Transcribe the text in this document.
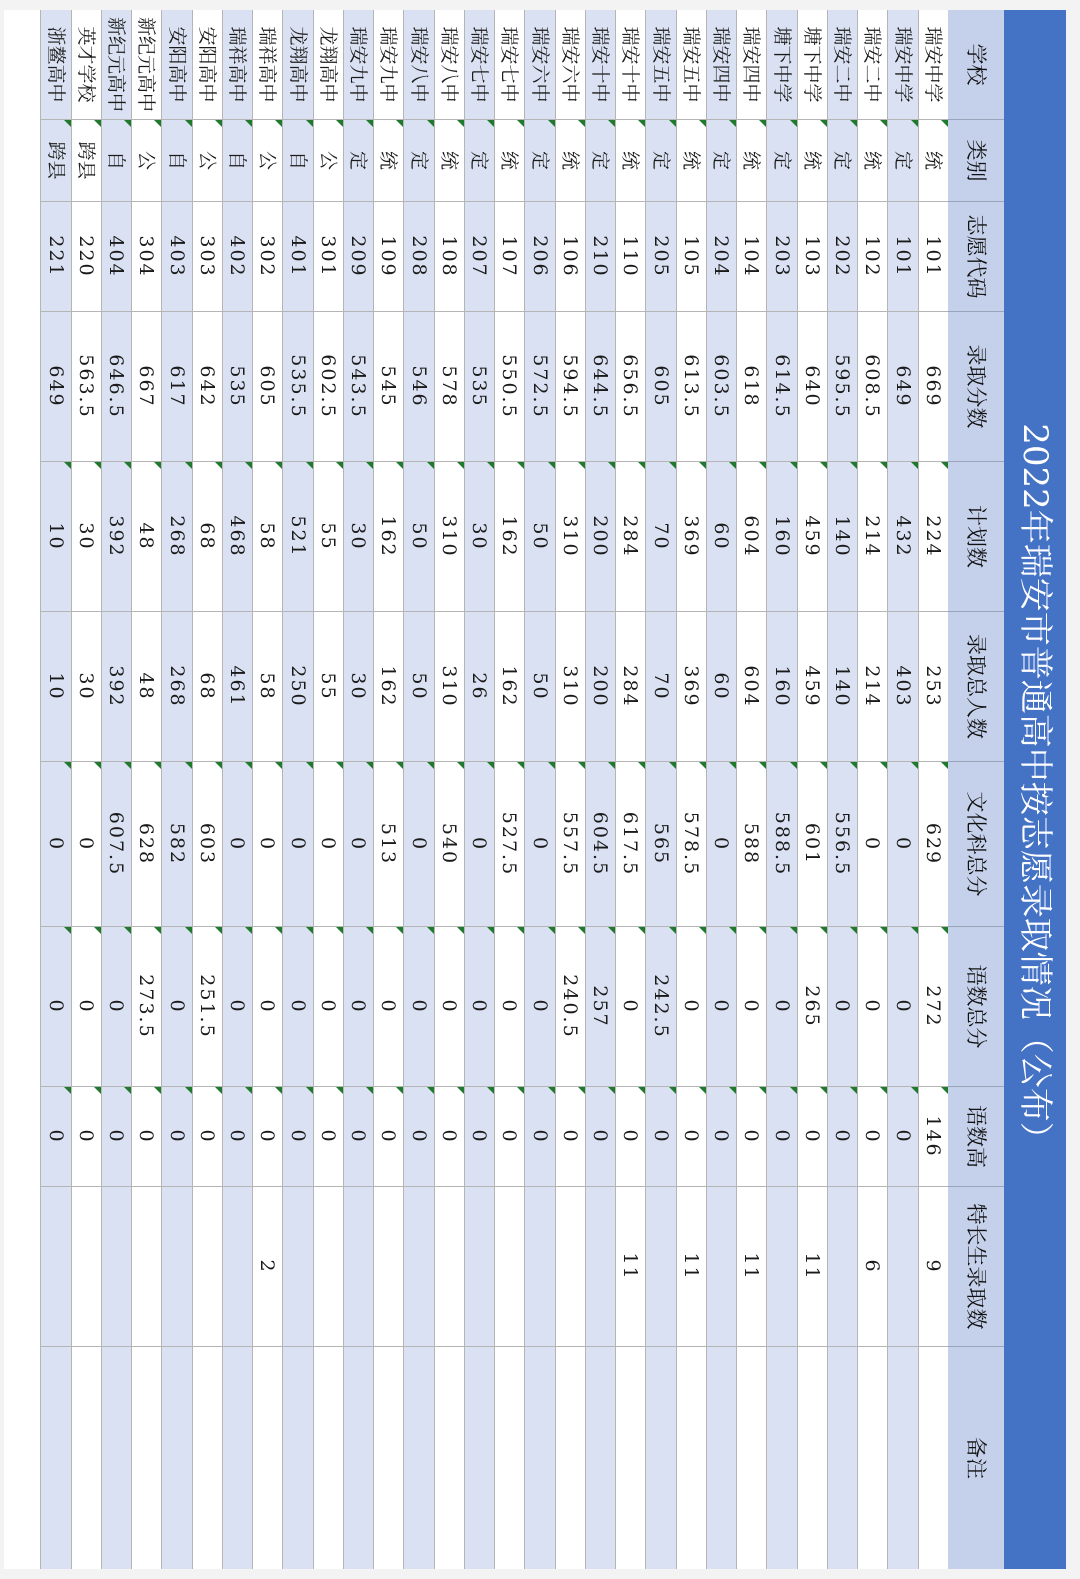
2022年瑞安市普通高中按志愿录取情况（公布）
学校
类别
志愿代码
录取分数
计划数
录取总人数
文化科总分
语数总分
语数高
特长生录取数
备注
瑞安中学
统
101
669
224
253
629
272
146
9
瑞安中学
定
101
649
432
403
0
0
0
瑞安二中
统
102
608.5
214
214
0
0
0
6
瑞安二中
定
202
595.5
140
140
556.5
0
0
塘下中学
统
103
640
459
459
601
265
0
11
塘下中学
定
203
614.5
160
160
588.5
0
0
瑞安四中
统
104
618
604
604
588
0
0
11
瑞安四中
定
204
603.5
60
60
0
0
0
瑞安五中
统
105
613.5
369
369
578.5
0
0
11
瑞安五中
定
205
605
70
70
565
242.5
0
瑞安十中
统
110
656.5
284
284
617.5
0
0
11
瑞安十中
定
210
644.5
200
200
604.5
257
0
瑞安六中
统
106
594.5
310
310
557.5
240.5
0
瑞安六中
定
206
572.5
50
50
0
0
0
瑞安七中
统
107
550.5
162
162
527.5
0
0
瑞安七中
定
207
535
30
26
0
0
0
瑞安八中
统
108
578
310
310
540
0
0
瑞安八中
定
208
546
50
50
0
0
0
瑞安九中
统
109
545
162
162
513
0
0
瑞安九中
定
209
543.5
30
30
0
0
0
龙翔高中
公
301
602.5
55
55
0
0
0
龙翔高中
自
401
535.5
521
250
0
0
0
瑞祥高中
公
302
605
58
58
0
0
0
2
瑞祥高中
自
402
535
468
461
0
0
0
安阳高中
公
303
642
68
68
603
251.5
0
安阳高中
自
403
617
268
268
582
0
0
新纪元高中
公
304
667
48
48
628
273.5
0
新纪元高中
自
404
646.5
392
392
607.5
0
0
英才学校
跨县
220
563.5
30
30
0
0
0
浙鳌高中
跨县
221
649
10
10
0
0
0
